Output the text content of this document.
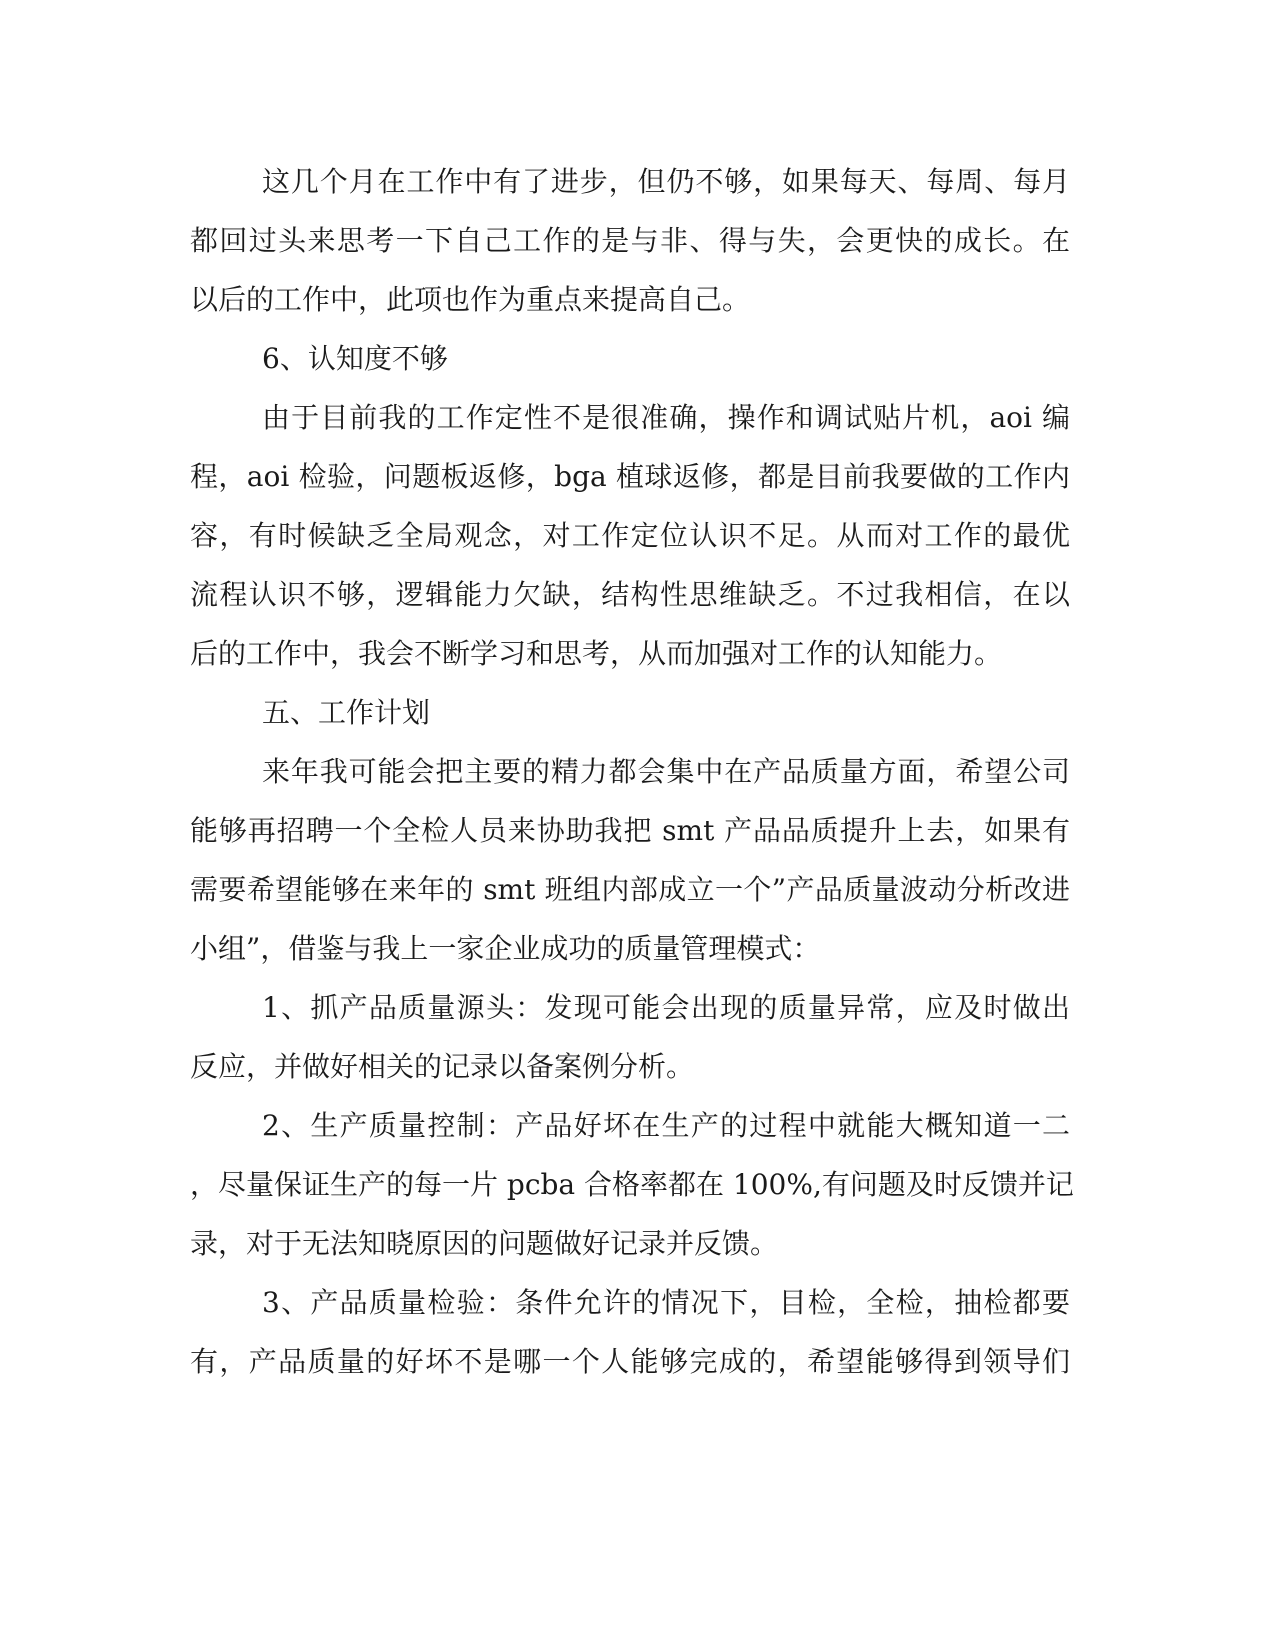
这几个月在工作中有了进步，但仍不够，如果每天、每周、每月
都回过头来思考一下自己工作的是与非、得与失，会更快的成长。在
以后的工作中，此项也作为重点来提高自己。
6、认知度不够
由于目前我的工作定性不是很准确，操作和调试贴片机，aoi 编
程，aoi 检验，问题板返修，bga 植球返修，都是目前我要做的工作内
容，有时候缺乏全局观念，对工作定位认识不足。从而对工作的最优
流程认识不够，逻辑能力欠缺，结构性思维缺乏。不过我相信，在以
后的工作中，我会不断学习和思考，从而加强对工作的认知能力。
五、工作计划
来年我可能会把主要的精力都会集中在产品质量方面，希望公司
能够再招聘一个全检人员来协助我把 smt 产品品质提升上去，如果有
需要希望能够在来年的 smt 班组内部成立一个”产品质量波动分析改进
小组”，借鉴与我上一家企业成功的质量管理模式：
1、抓产品质量源头：发现可能会出现的质量异常，应及时做出
反应，并做好相关的记录以备案例分析。
2、生产质量控制：产品好坏在生产的过程中就能大概知道一二
，尽量保证生产的每一片 pcba 合格率都在 100%,有问题及时反馈并记
录，对于无法知晓原因的问题做好记录并反馈。
3、产品质量检验：条件允许的情况下，目检，全检，抽检都要
有，产品质量的好坏不是哪一个人能够完成的，希望能够得到领导们
